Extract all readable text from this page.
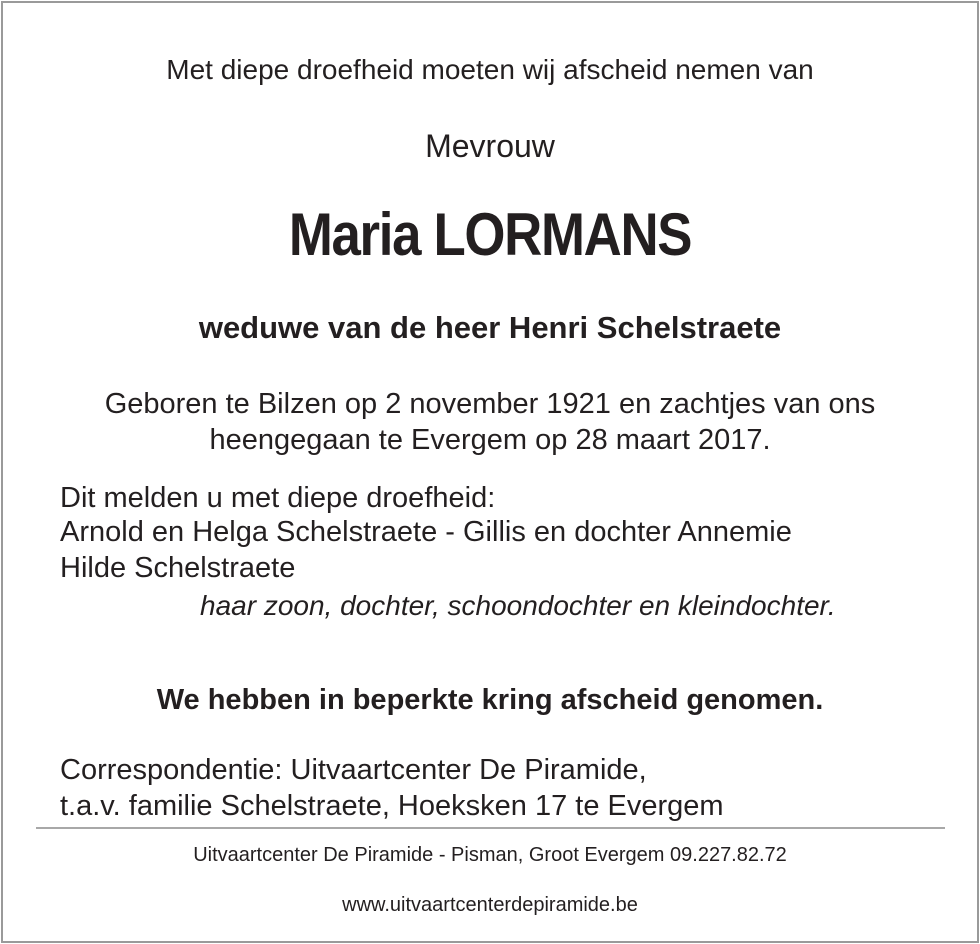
Met diepe droefheid moeten wij afscheid nemen van
Mevrouw
Maria LORMANS
weduwe van de heer Henri Schelstraete
Geboren te Bilzen op 2 november 1921 en zachtjes van ons
heengegaan te Evergem op 28 maart 2017.
Dit melden u met diepe droefheid:
Arnold en Helga Schelstraete - Gillis en dochter Annemie
Hilde Schelstraete
haar zoon, dochter, schoondochter en kleindochter.
We hebben in beperkte kring afscheid genomen.
Correspondentie: Uitvaartcenter De Piramide,
t.a.v. familie Schelstraete, Hoeksken 17 te Evergem
Uitvaartcenter De Piramide - Pisman, Groot Evergem 09.227.82.72
www.uitvaartcenterdepiramide.be
